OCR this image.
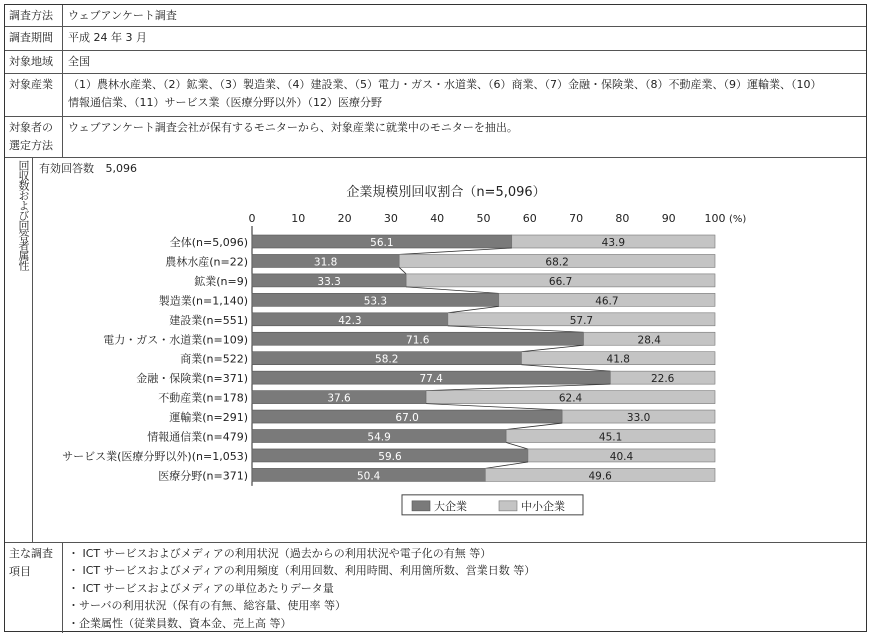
調査方法	ウェブアンケート調査
調査期間	平成 24 年 3 月
対象地域	全国
対象産業	（1）農林水産業、（2）鉱業、（3）製造業、（4）建設業、（5）電力・ガス・水道業、（6）商業、（7）金融・保険業、（8）不動産業、（9）運輸業、（10）
情報通信業、（11）サービス業（医療分野以外）（12）医療分野
対象者の
選定方法
ウェブアンケート調査会社が保有するモニターから、対象産業に就業中のモニターを抽出。
回収数および回答者属性 有効回答数 5,096
企業規模別回収割合（n=5,096）
0	10	20	30	40	50	60	70	80	90	100 (%)
全体(n=5,096)	56.1	43.9
農林水産(n=22)	31.8	68.2
鉱業(n=9)	33.3	66.7
製造業(n=1,140)	53.3	46.7
建設業(n=551)	42.3	57.7
電力・ガス・水道業(n=109)	71.6	28.4
商業(n=522)	58.2	41.8
金融・保険業(n=371)	77.4	22.6
不動産業(n=178)	37.6	62.4
運輸業(n=291)	67.0	33.0
情報通信業(n=479)	54.9	45.1
サービス業(医療分野以外)(n=1,053)	59.6	40.4
医療分野(n=371)	50.4	49.6
大企業	中小企業
主な調査
項目
・ ICT サービスおよびメディアの利用状況（過去からの利用状況や電子化の有無 等）
・ ICT サービスおよびメディアの利用頻度（利用回数、利用時間、利用箇所数、営業日数 等）
・ ICT サービスおよびメディアの単位あたりデータ量
・サーバの利用状況（保有の有無、総容量、使用率 等）
・企業属性（従業員数、資本金、売上高 等）
